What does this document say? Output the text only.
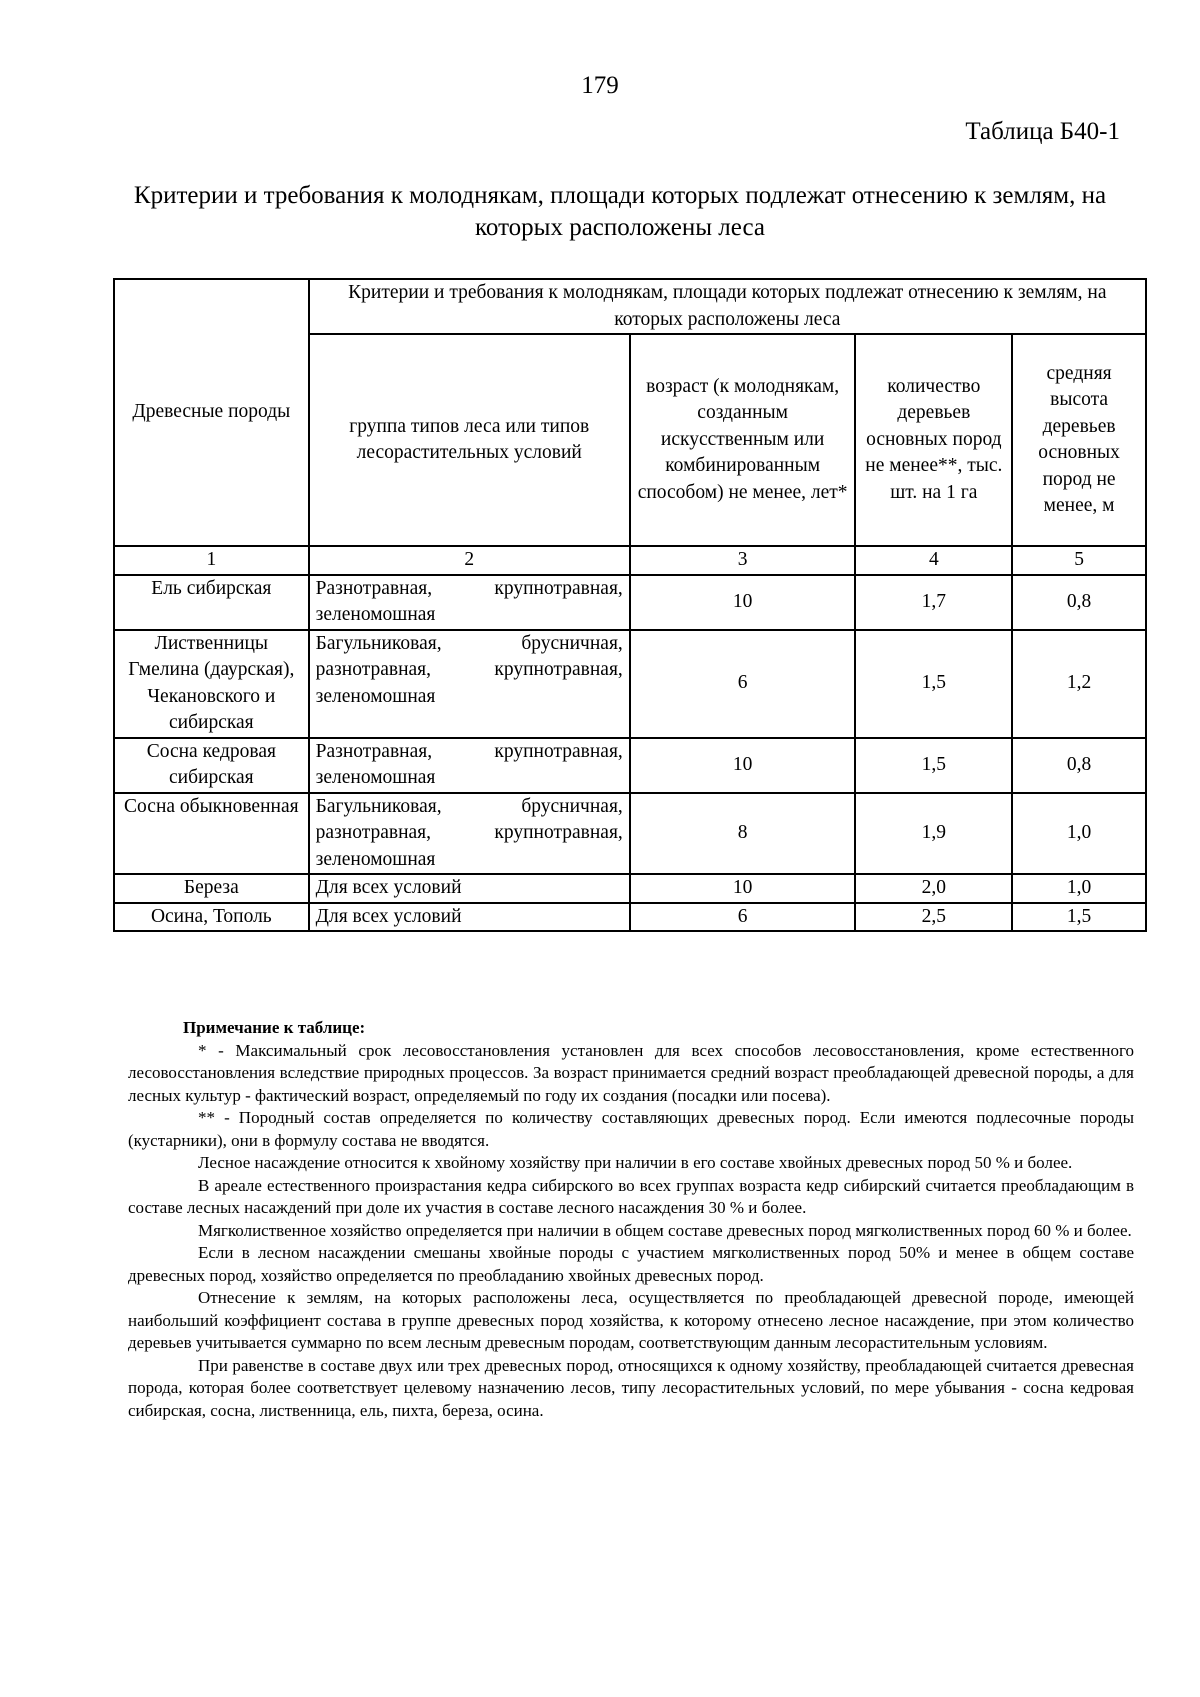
179
Таблица Б40-1
Критерии и требования к молоднякам, площади которых подлежат отнесению к землям, на которых расположены леса
Древесные породы	Критерии и требования к молоднякам, площади которых подлежат отнесению к землям, на которых расположены леса			
	группа типов леса или типов лесорастительных условий	возраст (к молоднякам, созданным искусственным или комбинированным способом) не менее, лет*	количество деревьев основных пород не менее**, тыс. шт. на 1 га	средняя высота деревьев основных пород не менее, м
1	2	3	4	5
Ель сибирская	Разнотравная, крупнотравная, зеленомошная	10	1,7	0,8
Лиственницы Гмелина (даурская), Чекановского и сибирская	Багульниковая, брусничная, разнотравная, крупнотравная, зеленомошная	6	1,5	1,2
Сосна кедровая сибирская	Разнотравная, крупнотравная, зеленомошная	10	1,5	0,8
Сосна обыкновенная	Багульниковая, брусничная, разнотравная, крупнотравная, зеленомошная	8	1,9	1,0
Береза	Для всех условий	10	2,0	1,0
Осина, Тополь	Для всех условий	6	2,5	1,5

Примечание к таблице:

* - Максимальный срок лесовосстановления установлен для всех способов лесовосстановления, кроме естественного лесовосстановления вследствие природных процессов. За возраст принимается средний возраст преобладающей древесной породы, а для лесных культур - фактический возраст, определяемый по году их создания (посадки или посева).

** - Породный состав определяется по количеству составляющих древесных пород. Если имеются подлесочные породы (кустарники), они в формулу состава не вводятся.

Лесное насаждение относится к хвойному хозяйству при наличии в его составе хвойных древесных пород 50 % и более.

В ареале естественного произрастания кедра сибирского во всех группах возраста кедр сибирский считается преобладающим в составе лесных насаждений при доле их участия в составе лесного насаждения 30 % и более.

Мягколиственное хозяйство определяется при наличии в общем составе древесных пород мягколиственных пород 60 % и более.

Если в лесном насаждении смешаны хвойные породы с участием мягколиственных пород 50% и менее в общем составе древесных пород, хозяйство определяется по преобладанию хвойных древесных пород.

Отнесение к землям, на которых расположены леса, осуществляется по преобладающей древесной породе, имеющей наибольший коэффициент состава в группе древесных пород хозяйства, к которому отнесено лесное насаждение, при этом количество деревьев учитывается суммарно по всем лесным древесным породам, соответствующим данным лесорастительным условиям.

При равенстве в составе двух или трех древесных пород, относящихся к одному хозяйству, преобладающей считается древесная порода, которая более соответствует целевому назначению лесов, типу лесорастительных условий, по мере убывания - сосна кедровая сибирская, сосна, лиственница, ель, пихта, береза, осина.
